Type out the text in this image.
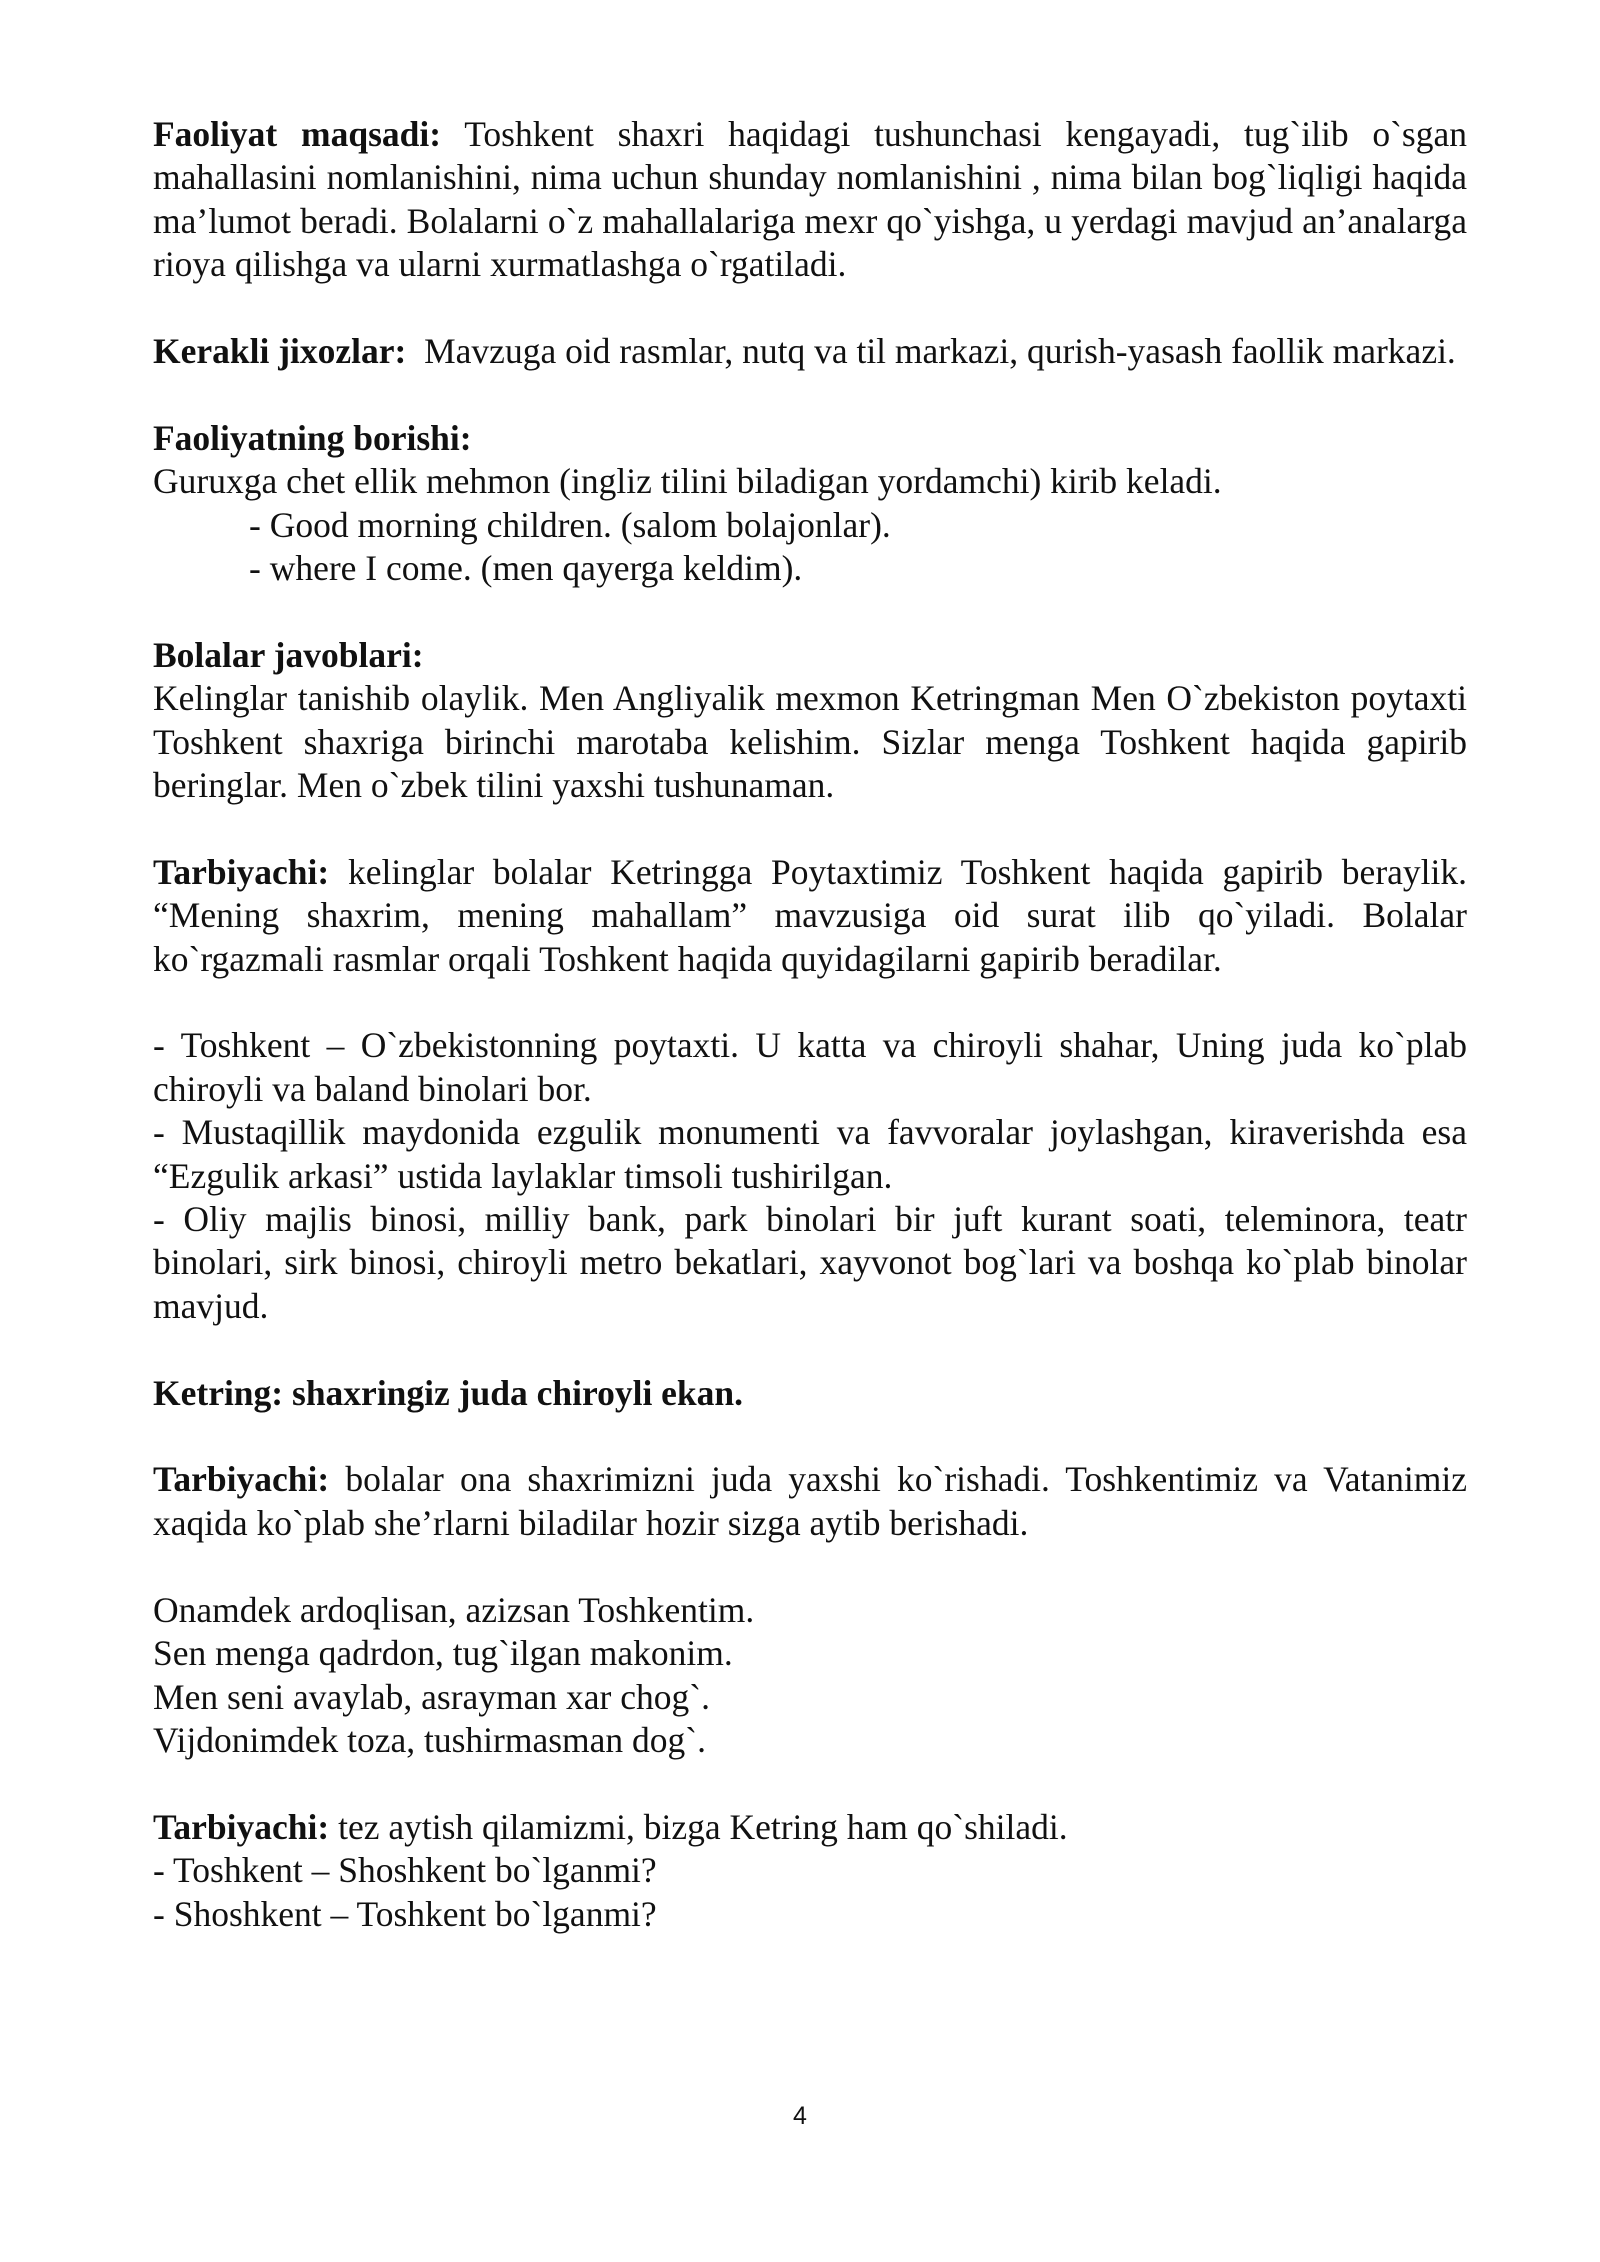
Faoliyat maqsadi: Toshkent shaxri haqidagi tushunchasi kengayadi, tug`ilib o`sgan mahallasini nomlanishini, nima uchun shunday nomlanishini , nima bilan bog`liqligi haqida ma’lumot beradi. Bolalarni o`z mahallalariga mexr qo`yishga, u yerdagi mavjud an’analarga rioya qilishga va ularni xurmatlashga o`rgatiladi.

Kerakli jixozlar:  Mavzuga oid rasmlar, nutq va til markazi, qurish-yasash faollik markazi.

Faoliyatning borishi:

Guruxga chet ellik mehmon (ingliz tilini biladigan yordamchi) kirib keladi.

- Good morning children. (salom bolajonlar).

- where I come. (men qayerga keldim).

Bolalar javoblari:

Kelinglar tanishib olaylik. Men Angliyalik mexmon Ketringman Men O`zbekiston poytaxti Toshkent shaxriga birinchi marotaba kelishim. Sizlar menga Toshkent haqida gapirib beringlar. Men o`zbek tilini yaxshi tushunaman.

Tarbiyachi: kelinglar bolalar Ketringga Poytaxtimiz Toshkent haqida gapirib beraylik. “Mening shaxrim, mening mahallam” mavzusiga oid surat ilib qo`yiladi. Bolalar ko`rgazmali rasmlar orqali Toshkent haqida quyidagilarni gapirib beradilar.

- Toshkent – O`zbekistonning poytaxti. U katta va chiroyli shahar, Uning juda ko`plab chiroyli va baland binolari bor.

- Mustaqillik maydonida ezgulik monumenti va favvoralar joylashgan, kiraverishda esa “Ezgulik arkasi” ustida laylaklar timsoli tushirilgan.

- Oliy majlis binosi, milliy bank, park binolari bir juft kurant soati, teleminora, teatr binolari, sirk binosi, chiroyli metro bekatlari, xayvonot bog`lari va boshqa ko`plab binolar mavjud.

Ketring: shaxringiz juda chiroyli ekan.

Tarbiyachi: bolalar ona shaxrimizni juda yaxshi ko`rishadi. Toshkentimiz va Vatanimiz xaqida ko`plab she’rlarni biladilar hozir sizga aytib berishadi.

Onamdek ardoqlisan, azizsan Toshkentim.

Sen menga qadrdon, tug`ilgan makonim.

Men seni avaylab, asrayman xar chog`.

Vijdonimdek toza, tushirmasman dog`.

Tarbiyachi: tez aytish qilamizmi, bizga Ketring ham qo`shiladi.

- Toshkent – Shoshkent bo`lganmi?

- Shoshkent – Toshkent bo`lganmi?

4
